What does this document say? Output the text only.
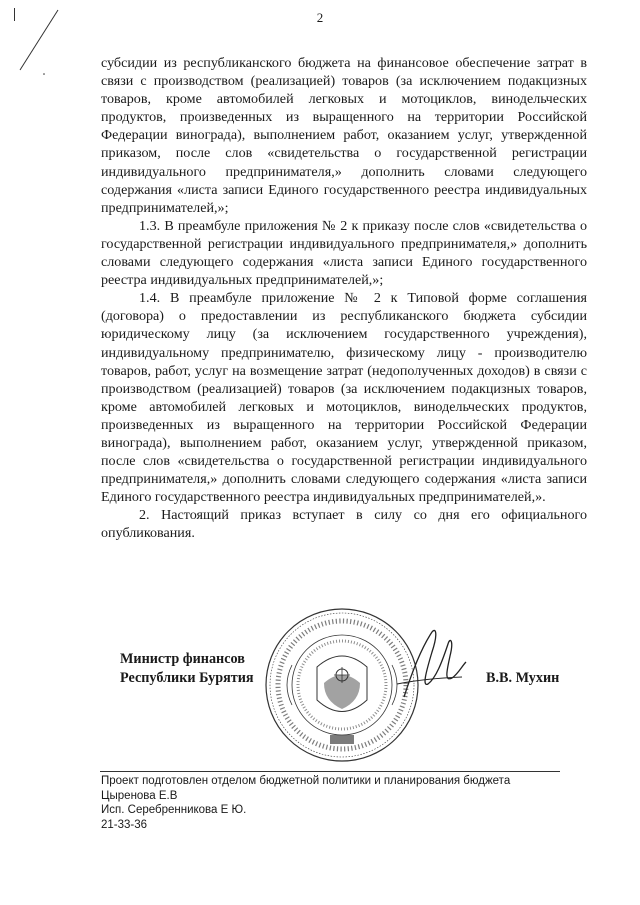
2

субсидии из республиканского бюджета на финансовое обеспечение затрат в связи с производством (реализацией) товаров (за исключением подакцизных товаров, кроме автомобилей легковых и мотоциклов, винодельческих продуктов, произведенных из выращенного на территории Российской Федерации винограда), выполнением работ, оказанием услуг, утвержденной приказом, после слов «свидетельства о государственной регистрации индивидуального предпринимателя,» дополнить словами следующего содержания «листа записи Единого государственного реестра индивидуальных предпринимателей,»;

1.3. В преамбуле приложения № 2 к приказу после слов «свидетельства о государственной регистрации индивидуального предпринимателя,» дополнить словами следующего содержания «листа записи Единого государственного реестра индивидуальных предпринимателей,»;

1.4. В преамбуле приложение № 2 к Типовой форме соглашения (договора) о предоставлении из республиканского бюджета субсидии юридическому лицу (за исключением государственного учреждения), индивидуальному предпринимателю, физическому лицу - производителю товаров, работ, услуг на возмещение затрат (недополученных доходов) в связи с производством (реализацией) товаров (за исключением подакцизных товаров, кроме автомобилей легковых и мотоциклов, винодельческих продуктов, произведенных из выращенного на территории Российской Федерации винограда), выполнением работ, оказанием услуг, утвержденной приказом, после слов «свидетельства о государственной регистрации индивидуального предпринимателя,» дополнить словами следующего содержания «листа записи Единого государственного реестра индивидуальных предпринимателей,».

2. Настоящий приказ вступает в силу со дня его официального опубликования.

Министр финансов
Республики Бурятия	В.В. Мухин
Проект подготовлен отделом бюджетной политики и планирования бюджета
Цыренова Е.В
Исп. Серебренникова Е Ю.
21-33-36
